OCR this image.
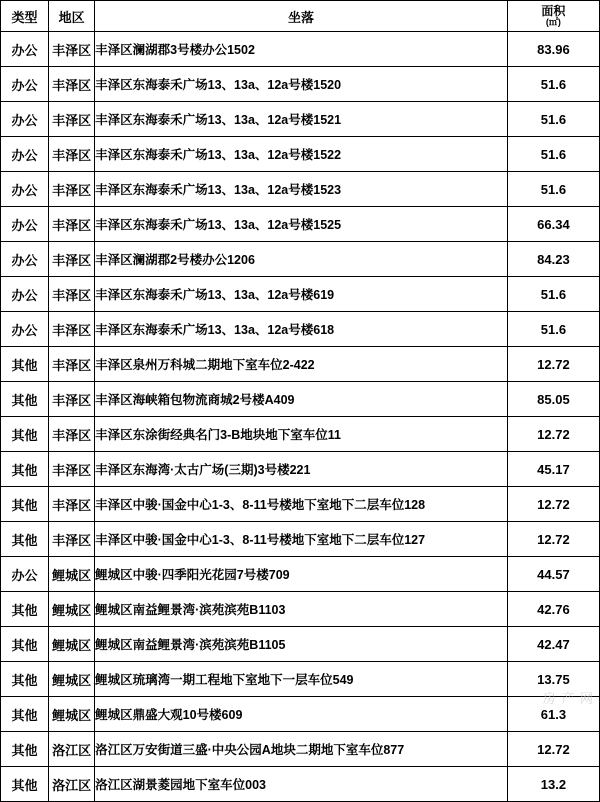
类型	地区	坐落	面积
(㎡)

办公	丰泽区	丰泽区澜湖郡3号楼办公1502	83.96
办公	丰泽区	丰泽区东海泰禾广场13、13a、12a号楼1520	51.6
办公	丰泽区	丰泽区东海泰禾广场13、13a、12a号楼1521	51.6
办公	丰泽区	丰泽区东海泰禾广场13、13a、12a号楼1522	51.6
办公	丰泽区	丰泽区东海泰禾广场13、13a、12a号楼1523	51.6
办公	丰泽区	丰泽区东海泰禾广场13、13a、12a号楼1525	66.34
办公	丰泽区	丰泽区澜湖郡2号楼办公1206	84.23
办公	丰泽区	丰泽区东海泰禾广场13、13a、12a号楼619	51.6
办公	丰泽区	丰泽区东海泰禾广场13、13a、12a号楼618	51.6
其他	丰泽区	丰泽区泉州万科城二期地下室车位2-422	12.72
其他	丰泽区	丰泽区海峡箱包物流商城2号楼A409	85.05
其他	丰泽区	丰泽区东涂街经典名门3-B地块地下室车位11	12.72
其他	丰泽区	丰泽区东海湾·太古广场(三期)3号楼221	45.17
其他	丰泽区	丰泽区中骏·国金中心1-3、8-11号楼地下室地下二层车位128	12.72
其他	丰泽区	丰泽区中骏·国金中心1-3、8-11号楼地下室地下二层车位127	12.72
办公	鲤城区	鲤城区中骏·四季阳光花园7号楼709	44.57
其他	鲤城区	鲤城区南益鲤景湾·滨苑滨苑B1103	42.76
其他	鲤城区	鲤城区南益鲤景湾·滨苑滨苑B1105	42.47
其他	鲤城区	鲤城区琉璃湾一期工程地下室地下一层车位549	13.75
其他	鲤城区	鲤城区鼎盛大观10号楼609	61.3
其他	洛江区	洛江区万安街道三盛·中央公园A地块二期地下室车位877	12.72
其他	洛江区	洛江区湖景菱园地下室车位003	13.2
房 产 网
